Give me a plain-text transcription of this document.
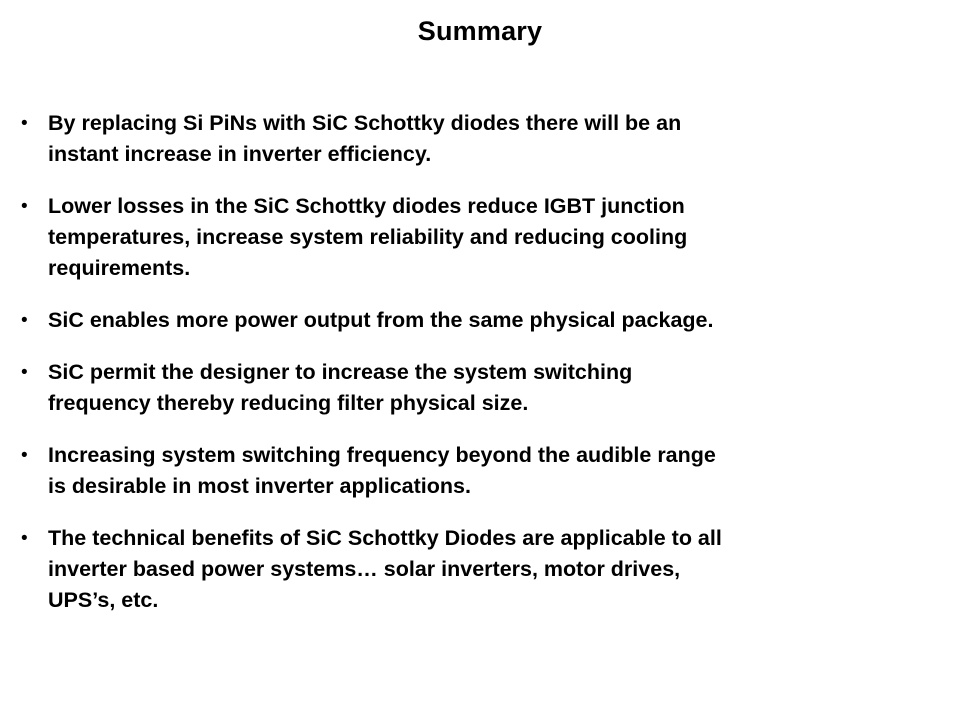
Summary
• By replacing Si PiNs with SiC Schottky diodes there will be an
instant increase in inverter efficiency.
• Lower losses in the SiC Schottky diodes reduce IGBT junction
temperatures, increase system reliability and reducing cooling
requirements.
• SiC enables more power output from the same physical package.
• SiC permit the designer to increase the system switching
frequency thereby reducing filter physical size.
• Increasing system switching frequency beyond the audible range
is desirable in most inverter applications.
• The technical benefits of SiC Schottky Diodes are applicable to all
inverter based power systems… solar inverters, motor drives,
UPS’s, etc.
